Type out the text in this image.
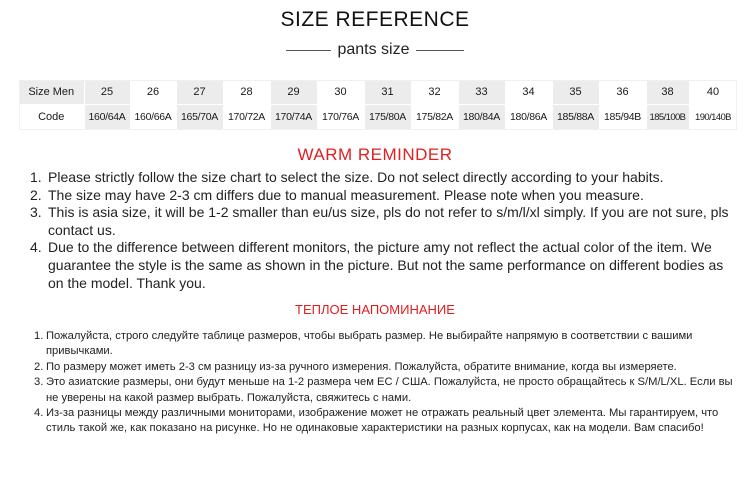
SIZE REFERENCE
pants size
Size Men	25	26	27	28	29	30	31	32	33	34	35	36	38	40
Code	160/64A	160/66A	165/70A	170/72A	170/74A	170/76A	175/80A	175/82A	180/84A	180/86A	185/88A	185/94B	185/100B	190/140B
WARM REMINDER
1. Please strictly follow the size chart to select the size. Do not select directly according to your habits.
2. The size may have 2-3 cm differs due to manual measurement. Please note when you measure.
3. This is asia size, it will be 1-2 smaller than eu/us size, pls do not refer to s/m/l/xl simply. If you are not sure, pls contact us.
4. Due to the difference between different monitors, the picture amy not reflect the actual color of the item. We guarantee the style is the same as shown in the picture. But not the same performance on different bodies as on the model. Thank you.
ТЕПЛОЕ НАПОМИНАНИЕ
1. Пожалуйста, строго следуйте таблице размеров, чтобы выбрать размер. Не выбирайте напрямую в соответствии с вашими привычками.
2. По размеру может иметь 2-3 см разницу из-за ручного измерения. Пожалуйста, обратите внимание, когда вы измеряете.
3. Это азиатские размеры, они будут меньше на 1-2 размера чем ЕС / США. Пожалуйста, не просто обращайтесь к S/M/L/XL. Если вы не уверены на какой размер выбрать. Пожалуйста, свяжитесь с нами.
4. Из-за разницы между различными мониторами, изображение может не отражать реальный цвет элемента. Мы гарантируем, что стиль такой же, как показано на рисунке. Но не одинаковые характеристики на разных корпусах, как на модели. Вам спасибо!
